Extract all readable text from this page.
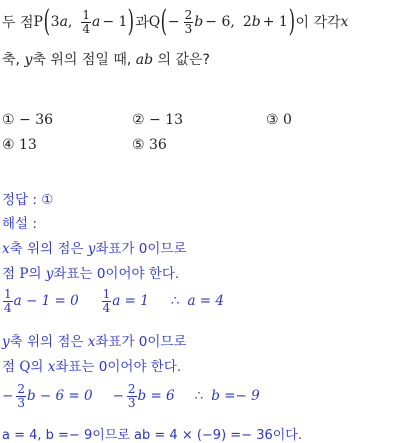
두 점 P ( 3 a , $\frac{1}{4}$ a − 1 ) 과 Q ( − $\frac{2}{3}$ b − 6, 2 b + 1 ) 이 각각 x
축, y축 위의 점일 때, ab 의 값은?
① − 36	② − 13	③ 0
④ 13	⑤ 36
정답 : ①
해설 :
x축 위의 점은 y좌표가 0이므로
점 P의 y좌표는 0이어야 한다.
$\frac{1}{4}$ $a - 1 = 0 \frac{1}{4}$ a = 1 ∴ a = 4
y축 위의 점은 x좌표가 0이므로
점 Q의 x좌표는 0이어야 한다.
− $\frac{2}{3}$ $b - 6 = 0 - \frac{2}{3}$ b = 6 ∴ b =− 9
a = 4, b =− 9이므로 ab = 4 × (−9) =− 36이다.
